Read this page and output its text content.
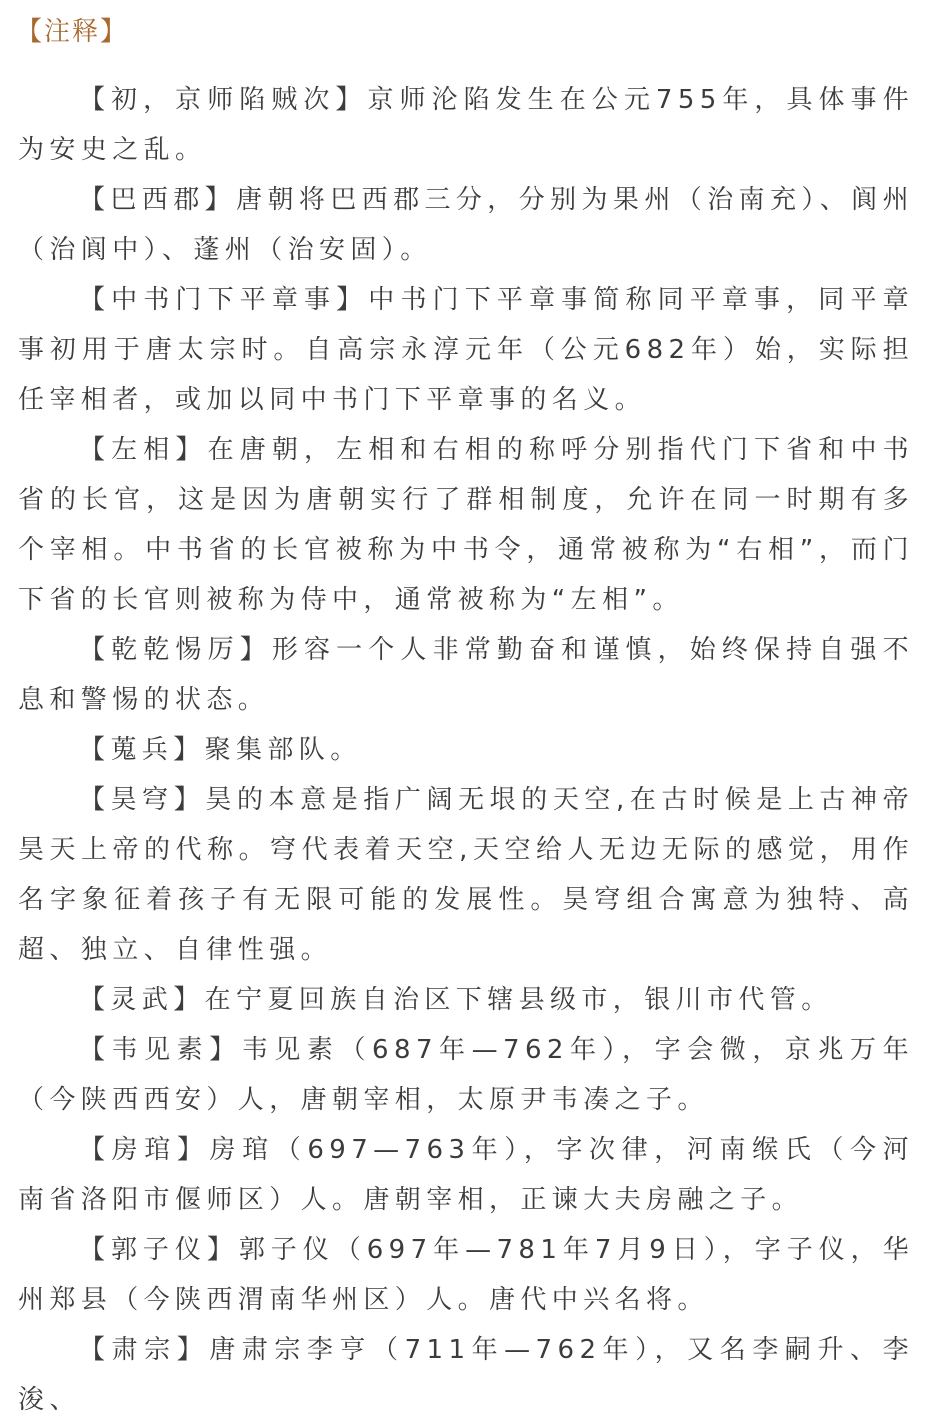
【注释】

【初，京师陷贼次】京师沦陷发生在公元755年，具体事件为安史之乱。

【巴西郡】唐朝将巴西郡三分，分别为果州（治南充）、阆州（治阆中）、蓬州（治安固）。

【中书门下平章事】中书门下平章事简称同平章事，同平章事初用于唐太宗时。自高宗永淳元年（公元682年）始，实际担任宰相者，或加以同中书门下平章事的名义。

【左相】在唐朝，左相和右相的称呼分别指代门下省和中书省的长官，这是因为唐朝实行了群相制度，允许在同一时期有多个宰相。中书省的长官被称为中书令，通常被称为“右相”，而门下省的长官则被称为侍中，通常被称为“左相”。

【乾乾惕厉】形容一个人非常勤奋和谨慎，始终保持自强不息和警惕的状态。

【蒐兵】聚集部队。

【昊穹】昊的本意是指广阔无垠的天空,在古时候是上古神帝昊天上帝的代称。穹代表着天空,天空给人无边无际的感觉，用作名字象征着孩子有无限可能的发展性。昊穹组合寓意为独特、高超、独立、自律性强。

【灵武】在宁夏回族自治区下辖县级市，银川市代管。

【韦见素】韦见素（687年—762年），字会微，京兆万年（今陕西西安）人，唐朝宰相，太原尹韦凑之子。

【房琯】房琯（697—763年），字次律，河南缑氏（今河南省洛阳市偃师区）人。唐朝宰相，正谏大夫房融之子。

【郭子仪】郭子仪（697年—781年7月9日），字子仪，华州郑县（今陕西渭南华州区）人。唐代中兴名将。

【肃宗】唐肃宗李亨（711年—762年），又名李嗣升、李浚、
